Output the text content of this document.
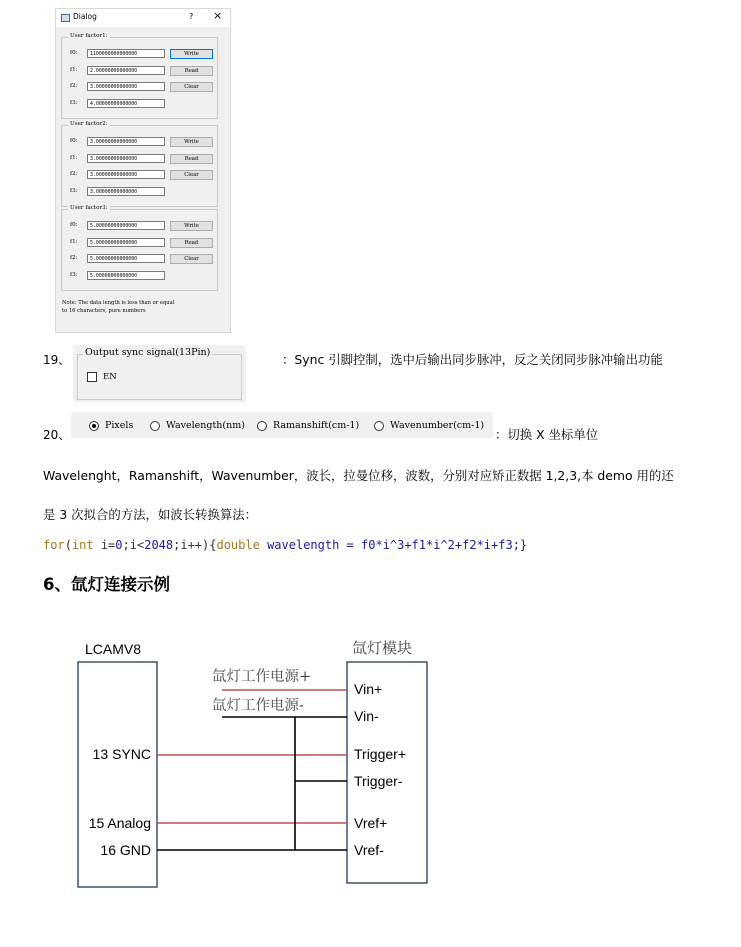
Dialog	? ×
User factor1:
f0:	1100000000000000	Write
f1:	2.00000000000000	Read
f2:	3.00000000000000	Clear
f3:	4.00000000000000
User factor2:
f0:	3.00000000000000	Write
f1:	3.00000000000000	Read
f2:	3.00000000000000	Clear
f3:	3.00000000000000
User factor3:
f0:	5.00000000000000	Write
f1:	5.00000000000000	Read
f2:	5.00000000000000	Clear
f3:	5.00000000000000
Note: The data length is less than or equal
to 16 characters, pure numbers
19、
Output sync signal(13Pin)
EN
：Sync 引脚控制，选中后输出同步脉冲，反之关闭同步脉冲输出功能
20、
Pixels	Wavelength(nm)	Ramanshift(cm-1)	Wavenumber(cm-1)
：切换 X 坐标单位
Wavelenght，Ramanshift，Wavenumber，波长，拉曼位移，波数，分别对应矫正数据 1,2,3,本 demo 用的还
是 3 次拟合的方法，如波长转换算法：
for(int i=0;i<2048;i++){double wavelength = f0*i^3+f1*i^2+f2*i+f3;}
6、氙灯连接示例
LCAMV8	氙灯模块
氙灯工作电源+
氙灯工作电源-
13 SYNC
15 Analog
16 GND
Vin+
Vin-
Trigger+
Trigger-
Vref+
Vref-
